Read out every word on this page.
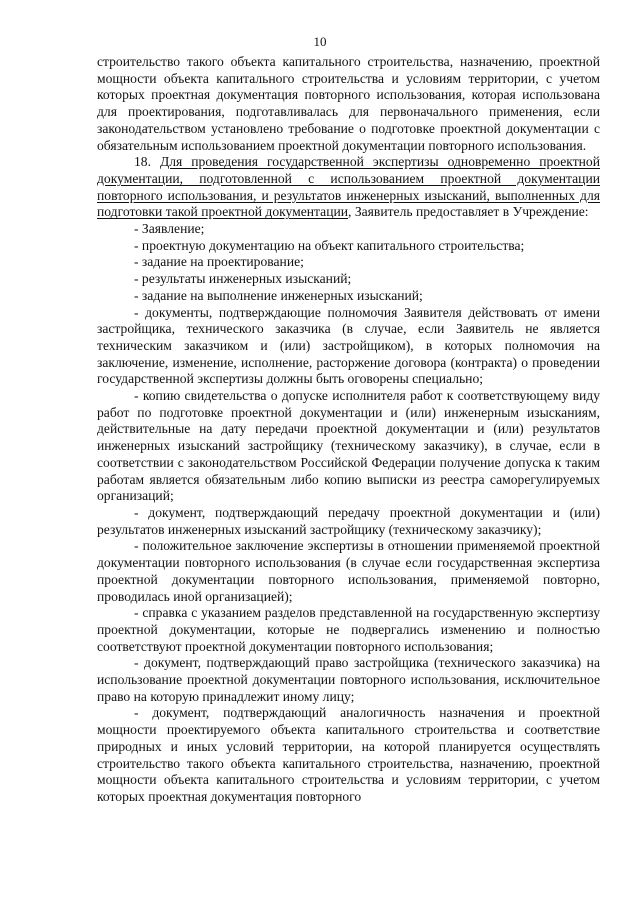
10

строительство такого объекта капитального строительства, назначению, проектной мощности объекта капитального строительства и условиям территории, с учетом которых проектная документация повторного использования, которая использована для проектирования, подготавливалась для первоначального применения, если законодательством установлено требование о подготовке проектной документации с обязательным использованием проектной документации повторного использования.

18. Для проведения государственной экспертизы одновременно проектной документации, подготовленной с использованием проектной документации повторного использования, и результатов инженерных изысканий, выполненных для подготовки такой проектной документации, Заявитель предоставляет в Учреждение:

- Заявление;

- проектную документацию на объект капитального строительства;

- задание на проектирование;

- результаты инженерных изысканий;

- задание на выполнение инженерных изысканий;

- документы, подтверждающие полномочия Заявителя действовать от имени застройщика, технического заказчика (в случае, если Заявитель не является техническим заказчиком и (или) застройщиком), в которых полномочия на заключение, изменение, исполнение, расторжение договора (контракта) о проведении государственной экспертизы должны быть оговорены специально;

- копию свидетельства о допуске исполнителя работ к соответствующему виду работ по подготовке проектной документации и (или) инженерным изысканиям, действительные на дату передачи проектной документации и (или) результатов инженерных изысканий застройщику (техническому заказчику), в случае, если в соответствии с законодательством Российской Федерации получение допуска к таким работам является обязательным либо копию выписки из реестра саморегулируемых организаций;

- документ, подтверждающий передачу проектной документации и (или) результатов инженерных изысканий застройщику (техническому заказчику);

- положительное заключение экспертизы в отношении применяемой проектной документации повторного использования (в случае если государственная экспертиза проектной документации повторного использования, применяемой повторно, проводилась иной организацией);

- справка с указанием разделов представленной на государственную экспертизу проектной документации, которые не подвергались изменению и полностью соответствуют проектной документации повторного использования;

- документ, подтверждающий право застройщика (технического заказчика) на использование проектной документации повторного использования, исключительное право на которую принадлежит иному лицу;

- документ, подтверждающий аналогичность назначения и проектной мощности проектируемого объекта капитального строительства и соответствие природных и иных условий территории, на которой планируется осуществлять строительство такого объекта капитального строительства, назначению, проектной мощности объекта капитального строительства и условиям территории, с учетом которых проектная документация повторного
